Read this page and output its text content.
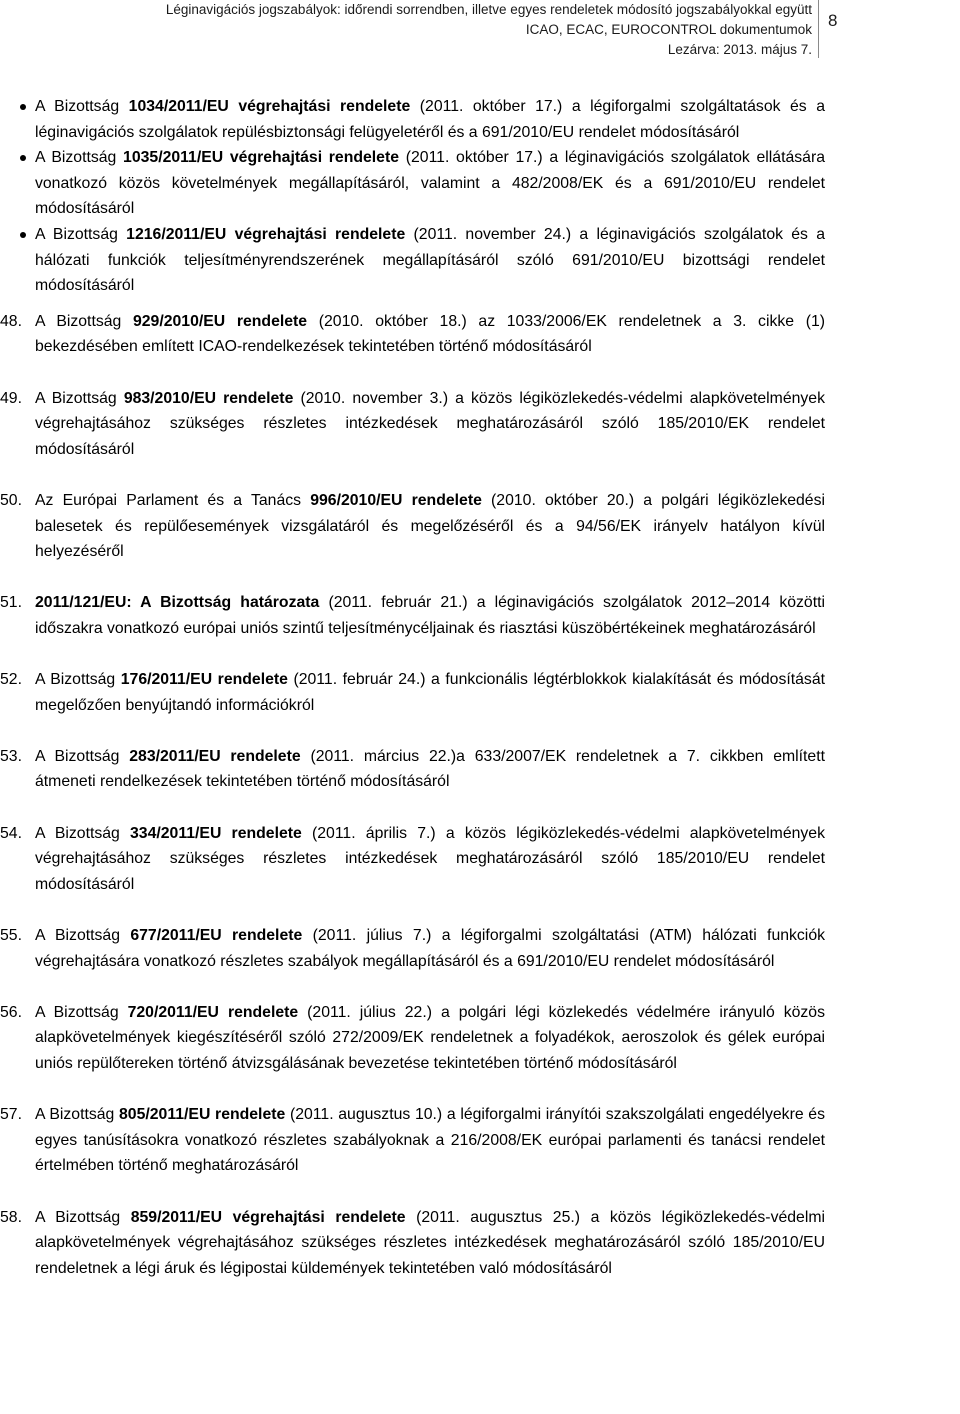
Léginavigációs jogszabályok: időrendi sorrendben, illetve egyes rendeletek módosító jogszabályokkal együtt
ICAO, ECAC, EUROCONTROL dokumentumok
Lezárva: 2013. május 7.
8
A Bizottság 1034/2011/EU végrehajtási rendelete (2011. október 17.) a légiforgalmi szolgáltatások és a léginavigációs szolgálatok repülésbiztonsági felügyeletéről és a 691/2010/EU rendelet módosításáról
A Bizottság 1035/2011/EU végrehajtási rendelete (2011. október 17.) a léginavigációs szolgálatok ellátására vonatkozó közös követelmények megállapításáról, valamint a 482/2008/EK és a 691/2010/EU rendelet módosításáról
A Bizottság 1216/2011/EU végrehajtási rendelete (2011. november 24.) a léginavigációs szolgálatok és a hálózati funkciók teljesítményrendszerének megállapításáról szóló 691/2010/EU bizottsági rendelet módosításáról
48. A Bizottság 929/2010/EU rendelete (2010. október 18.) az 1033/2006/EK rendeletnek a 3. cikke (1) bekezdésében említett ICAO-rendelkezések tekintetében történő módosításáról
49. A Bizottság 983/2010/EU rendelete (2010. november 3.) a közös légiközlekedés-védelmi alapkövetelmények végrehajtásához szükséges részletes intézkedések meghatározásáról szóló 185/2010/EK rendelet módosításáról
50. Az Európai Parlament és a Tanács 996/2010/EU rendelete (2010. október 20.) a polgári légiközlekedési balesetek és repülőesemények vizsgálatáról és megelőzéséről és a 94/56/EK irányelv hatályon kívül helyezéséről
51. 2011/121/EU: A Bizottság határozata (2011. február 21.) a léginavigációs szolgálatok 2012–2014 közötti időszakra vonatkozó európai uniós szintű teljesítménycéljainak és riasztási küszöbértékeinek meghatározásáról
52. A Bizottság 176/2011/EU rendelete (2011. február 24.) a funkcionális légtérblokkok kialakítását és módosítását megelőzően benyújtandó információkról
53. A Bizottság 283/2011/EU rendelete (2011. március 22.)a 633/2007/EK rendeletnek a 7. cikkben említett átmeneti rendelkezések tekintetében történő módosításáról
54. A Bizottság 334/2011/EU rendelete (2011. április 7.) a közös légiközlekedés-védelmi alapkövetelmények végrehajtásához szükséges részletes intézkedések meghatározásáról szóló 185/2010/EU rendelet módosításáról
55. A Bizottság 677/2011/EU rendelete (2011. július 7.) a légiforgalmi szolgáltatási (ATM) hálózati funkciók végrehajtására vonatkozó részletes szabályok megállapításáról és a 691/2010/EU rendelet módosításáról
56. A Bizottság 720/2011/EU rendelete (2011. július 22.) a polgári légi közlekedés védelmére irányuló közös alapkövetelmények kiegészítéséről szóló 272/2009/EK rendeletnek a folyadékok, aeroszolok és gélek európai uniós repülőtereken történő átvizsgálásának bevezetése tekintetében történő módosításáról
57. A Bizottság 805/2011/EU rendelete (2011. augusztus 10.) a légiforgalmi irányítói szakszolgálati engedélyekre és egyes tanúsításokra vonatkozó részletes szabályoknak a 216/2008/EK európai parlamenti és tanácsi rendelet értelmében történő meghatározásáról
58. A Bizottság 859/2011/EU végrehajtási rendelete (2011. augusztus 25.) a közös légiközlekedés-védelmi alapkövetelmények végrehajtásához szükséges részletes intézkedések meghatározásáról szóló 185/2010/EU rendeletnek a légi áruk és légipostai küldemények tekintetében való módosításáról
